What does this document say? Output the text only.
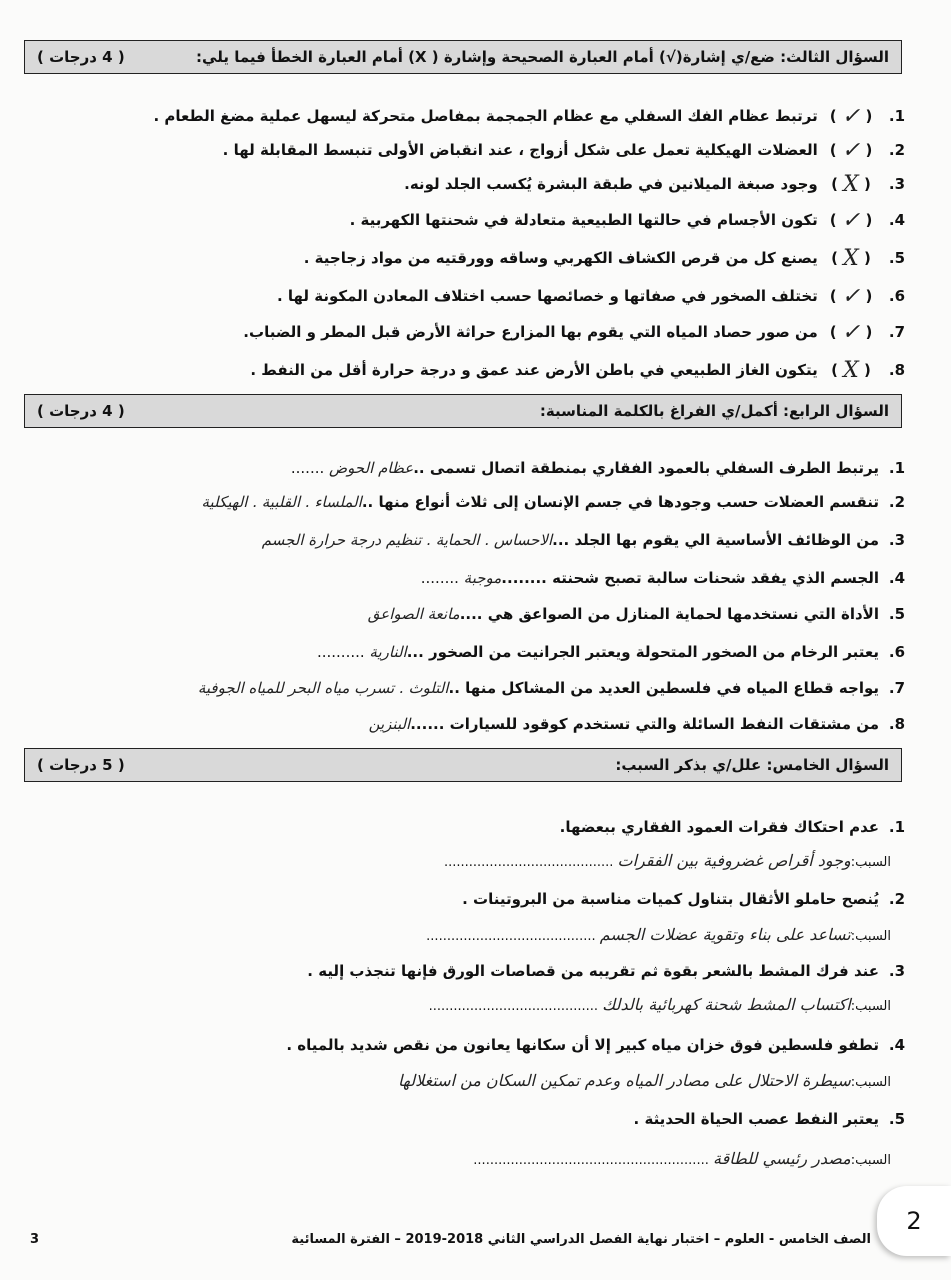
( 4 درجات )	السؤال الثالث: ضع/ي إشارة(√) أمام العبارة الصحيحة وإشارة ( X) أمام العبارة الخطأ فيما يلي:
1.( ✓ ) ترتبط عظام الفك السفلي مع عظام الجمجمة بمفاصل متحركة ليسهل عملية مضغ الطعام .
2.( ✓ ) العضلات الهيكلية تعمل على شكل أزواج ، عند انقباض الأولى تنبسط المقابلة لها .
3.( X ) وجود صبغة الميلانين في طبقة البشرة يُكسب الجلد لونه.
4.( ✓ ) تكون الأجسام في حالتها الطبيعية متعادلة في شحنتها الكهربية .
5.( X ) يصنع كل من قرص الكشاف الكهربي وساقه وورقتيه من مواد زجاجية .
6.( ✓ ) تختلف الصخور في صفاتها و خصائصها حسب اختلاف المعادن المكونة لها .
7.( ✓ ) من صور حصاد المياه التي يقوم بها المزارع حراثة الأرض قبل المطر و الضباب.
8.( X ) يتكون الغاز الطبيعي في باطن الأرض عند عمق و درجة حرارة أقل من النفط .
( 4 درجات )	السؤال الرابع: أكمل/ي الفراغ بالكلمة المناسبة:
1.يرتبط الطرف السفلي بالعمود الفقاري بمنطقة اتصال تسمى ..عظام الحوض .......
2.تنقسم العضلات حسب وجودها في جسم الإنسان إلى ثلاث أنواع منها ..الملساء . القلبية . الهيكلية
3.من الوظائف الأساسية الي يقوم بها الجلد ...الاحساس . الحماية . تنظيم درجة حرارة الجسم
4.الجسم الذي يفقد شحنات سالبة تصبح شحنته ........موجبة ........
5.الأداة التي نستخدمها لحماية المنازل من الصواعق هي ....مانعة الصواعق
6.يعتبر الرخام من الصخور المتحولة ويعتبر الجرانيت من الصخور ...النارية ..........
7.يواجه قطاع المياه في فلسطين العديد من المشاكل منها ..التلوث . تسرب مياه البحر للمياه الجوفية
8.من مشتقات النفط السائلة والتي تستخدم كوقود للسيارات ......البنزين
( 5 درجات )	السؤال الخامس: علل/ي بذكر السبب:
1.عدم احتكاك فقرات العمود الفقاري ببعضها.
السبب:وجود أقراص غضروفية بين الفقرات .........................................
2.يُنصح حاملو الأثقال بتناول كميات مناسبة من البروتينات .
السبب:تساعد على بناء وتقوية عضلات الجسم .........................................
3.عند فرك المشط بالشعر بقوة ثم تقريبه من قصاصات الورق فإنها تنجذب إليه .
السبب:اكتساب المشط شحنة كهربائية بالدلك .........................................
4.تطفو فلسطين فوق خزان مياه كبير إلا أن سكانها يعانون من نقص شديد بالمياه .
السبب:سيطرة الاحتلال على مصادر المياه وعدم تمكين السكان من استغلالها
5.يعتبر النفط عصب الحياة الحديثة .
السبب:مصدر رئيسي للطاقة .........................................................
الصف الخامس - العلوم – اختبار نهاية الفصل الدراسي الثاني 2018-2019 – الفترة المسائية
3
2
